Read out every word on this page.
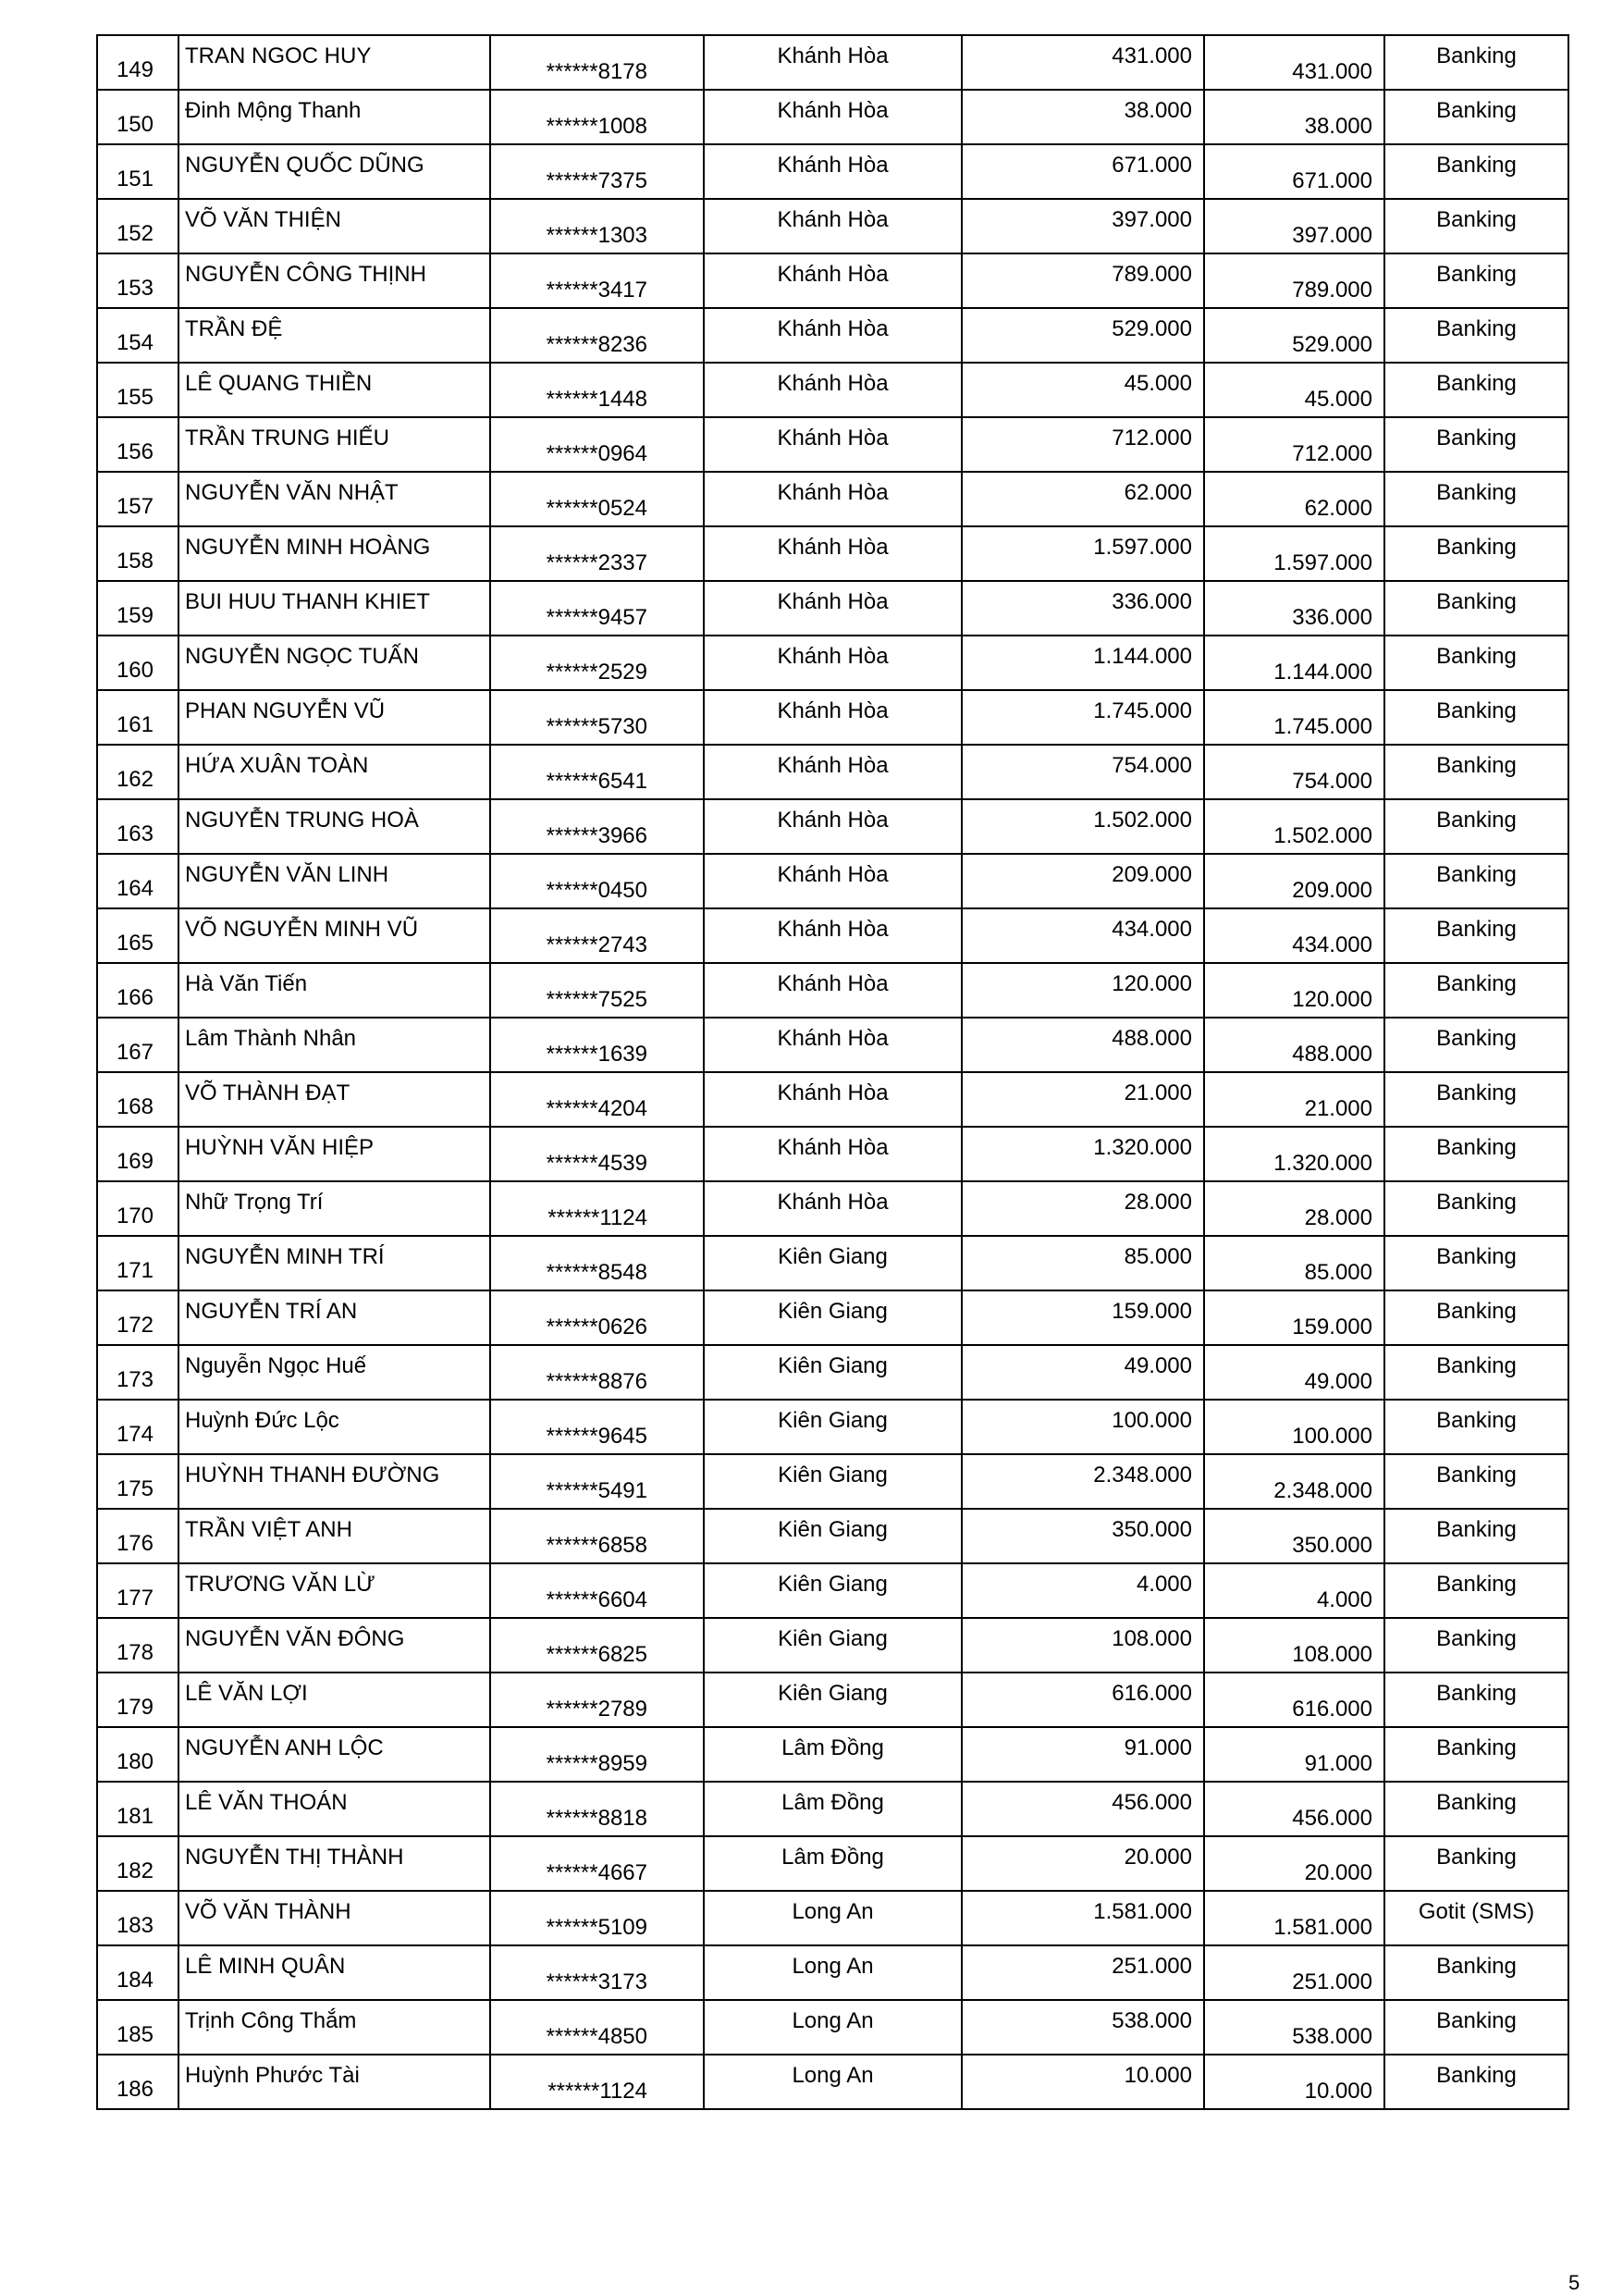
149	TRAN NGOC HUY	******8178	Khánh Hòa	431.000	431.000	Banking

150	Đinh Mộng Thanh	******1008	Khánh Hòa	38.000	38.000	Banking

151	NGUYỄN QUỐC DŨNG	******7375	Khánh Hòa	671.000	671.000	Banking

152	VÕ VĂN THIỆN	******1303	Khánh Hòa	397.000	397.000	Banking

153	NGUYỄN CÔNG THỊNH	******3417	Khánh Hòa	789.000	789.000	Banking

154	TRẦN ĐỆ	******8236	Khánh Hòa	529.000	529.000	Banking

155	LÊ QUANG THIỀN	******1448	Khánh Hòa	45.000	45.000	Banking

156	TRẦN TRUNG HIẾU	******0964	Khánh Hòa	712.000	712.000	Banking

157	NGUYỄN VĂN NHẬT	******0524	Khánh Hòa	62.000	62.000	Banking

158	NGUYỄN MINH HOÀNG	******2337	Khánh Hòa	1.597.000	1.597.000	Banking

159	BUI HUU THANH KHIET	******9457	Khánh Hòa	336.000	336.000	Banking

160	NGUYỄN NGỌC TUẤN	******2529	Khánh Hòa	1.144.000	1.144.000	Banking

161	PHAN NGUYỄN VŨ	******5730	Khánh Hòa	1.745.000	1.745.000	Banking

162	HỨA XUÂN TOÀN	******6541	Khánh Hòa	754.000	754.000	Banking

163	NGUYỄN TRUNG HOÀ	******3966	Khánh Hòa	1.502.000	1.502.000	Banking

164	NGUYỄN VĂN LINH	******0450	Khánh Hòa	209.000	209.000	Banking

165	VÕ NGUYỄN MINH VŨ	******2743	Khánh Hòa	434.000	434.000	Banking

166	Hà Văn Tiến	******7525	Khánh Hòa	120.000	120.000	Banking

167	Lâm Thành Nhân	******1639	Khánh Hòa	488.000	488.000	Banking

168	VÕ THÀNH ĐẠT	******4204	Khánh Hòa	21.000	21.000	Banking

169	HUỲNH VĂN HIỆP	******4539	Khánh Hòa	1.320.000	1.320.000	Banking

170	Nhữ Trọng Trí	******1124	Khánh Hòa	28.000	28.000	Banking

171	NGUYỄN MINH TRÍ	******8548	Kiên Giang	85.000	85.000	Banking

172	NGUYỄN TRÍ AN	******0626	Kiên Giang	159.000	159.000	Banking

173	Nguyễn Ngọc Huế	******8876	Kiên Giang	49.000	49.000	Banking

174	Huỳnh Đức Lộc	******9645	Kiên Giang	100.000	100.000	Banking

175	HUỲNH THANH ĐƯỜNG	******5491	Kiên Giang	2.348.000	2.348.000	Banking

176	TRẦN VIỆT ANH	******6858	Kiên Giang	350.000	350.000	Banking

177	TRƯƠNG VĂN LỪ	******6604	Kiên Giang	4.000	4.000	Banking

178	NGUYỄN VĂN ĐÔNG	******6825	Kiên Giang	108.000	108.000	Banking

179	LÊ VĂN LỢI	******2789	Kiên Giang	616.000	616.000	Banking

180	NGUYỄN ANH LỘC	******8959	Lâm Đồng	91.000	91.000	Banking

181	LÊ VĂN THOÁN	******8818	Lâm Đồng	456.000	456.000	Banking

182	NGUYỄN THỊ THÀNH	******4667	Lâm Đồng	20.000	20.000	Banking

183	VÕ VĂN THÀNH	******5109	Long An	1.581.000	1.581.000	Gotit (SMS)

184	LÊ MINH QUÂN	******3173	Long An	251.000	251.000	Banking

185	Trịnh Công Thắm	******4850	Long An	538.000	538.000	Banking

186	Huỳnh Phước Tài	******1124	Long An	10.000	10.000	Banking
5
